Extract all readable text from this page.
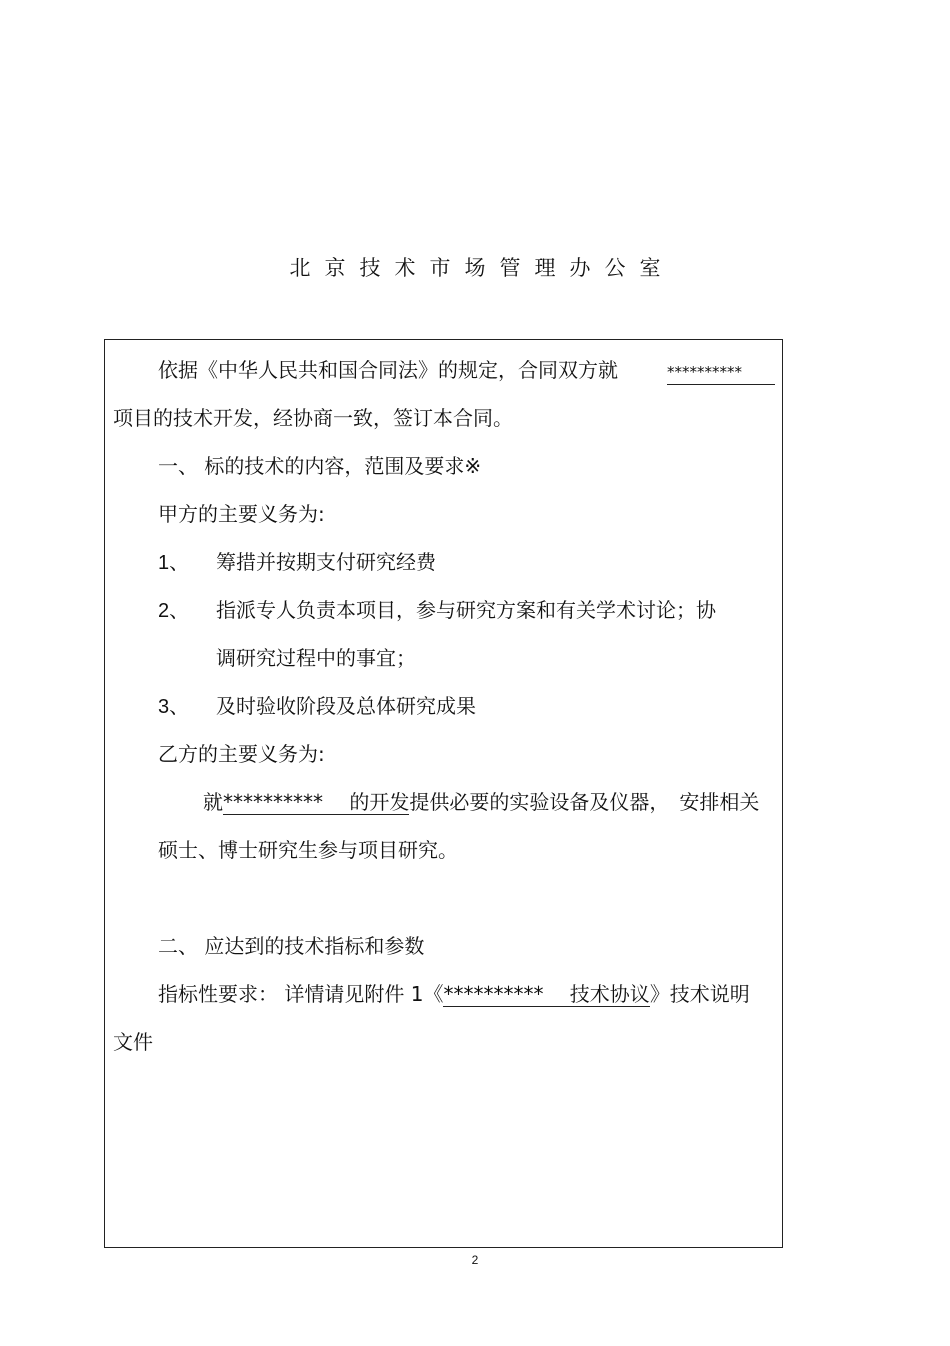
北京技术市场管理办公室
依据《中华人民共和国合同法》的规定，合同双方就	**********
项目的技术开发，经协商一致，签订本合同。
一、 标的技术的内容，范围及要求※
甲方的主要义务为:
1、 筹措并按期支付研究经费
2、 指派专人负责本项目，参与研究方案和有关学术讨论；协
调研究过程中的事宜；
3、 及时验收阶段及总体研究成果
乙方的主要义务为:
就**********　 的开发提供必要的实验设备及仪器，　安排相关
硕士、博士研究生参与项目研究。
二、 应达到的技术指标和参数
指标性要求： 详情请见附件 1《**********　 技术协议》技术说明
文件
2
